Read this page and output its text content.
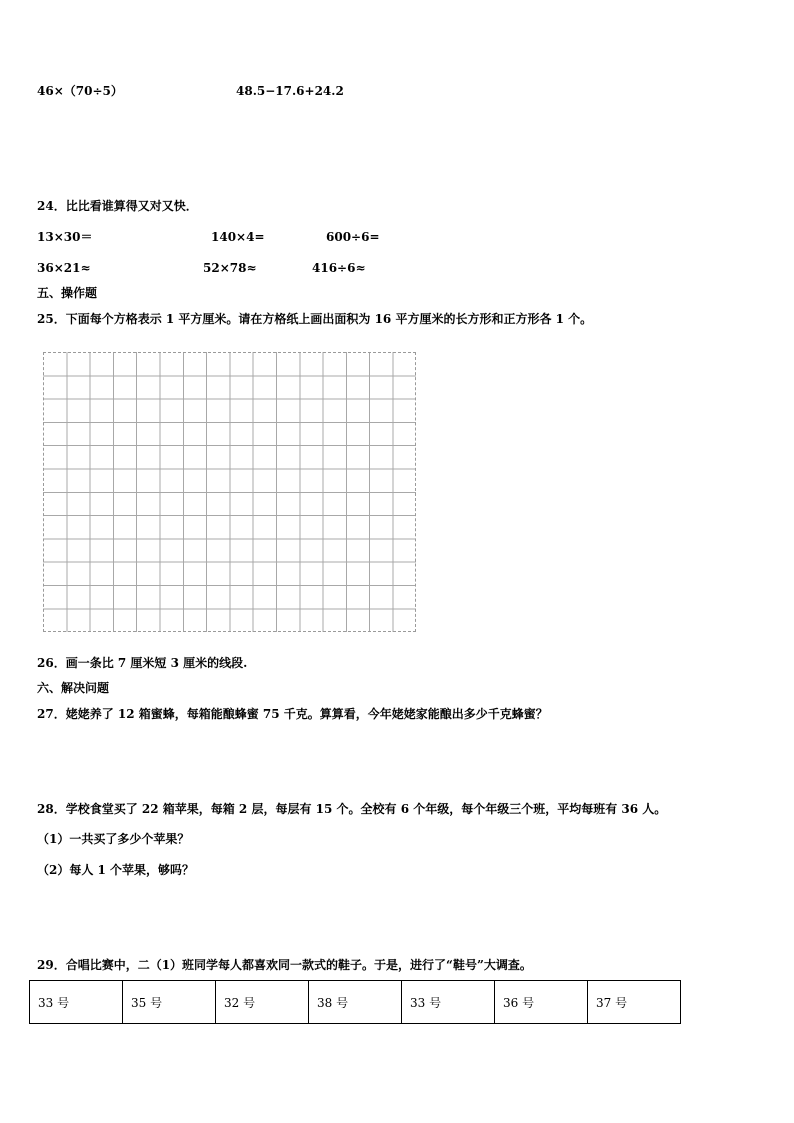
46×（70÷5）	48.5−17.6+24.2
24．比比看谁算得又对又快．
13×30＝	140×4=	600÷6=
36×21≈	52×78≈	416÷6≈
五、操作题
25．下面每个方格表示 1 平方厘米。请在方格纸上画出面积为 16 平方厘米的长方形和正方形各 1 个。
26．画一条比 7 厘米短 3 厘米的线段.
六、解决问题
27．姥姥养了 12 箱蜜蜂，每箱能酿蜂蜜 75 千克。算算看，今年姥姥家能酿出多少千克蜂蜜？
28．学校食堂买了 22 箱苹果，每箱 2 层，每层有 15 个。全校有 6 个年级，每个年级三个班，平均每班有 36 人。
（1）一共买了多少个苹果？
（2）每人 1 个苹果，够吗？
29．合唱比赛中，二（1）班同学每人都喜欢同一款式的鞋子。于是，进行了“鞋号”大调查。
33 号	35 号	32 号	38 号	33 号	36 号	37 号
